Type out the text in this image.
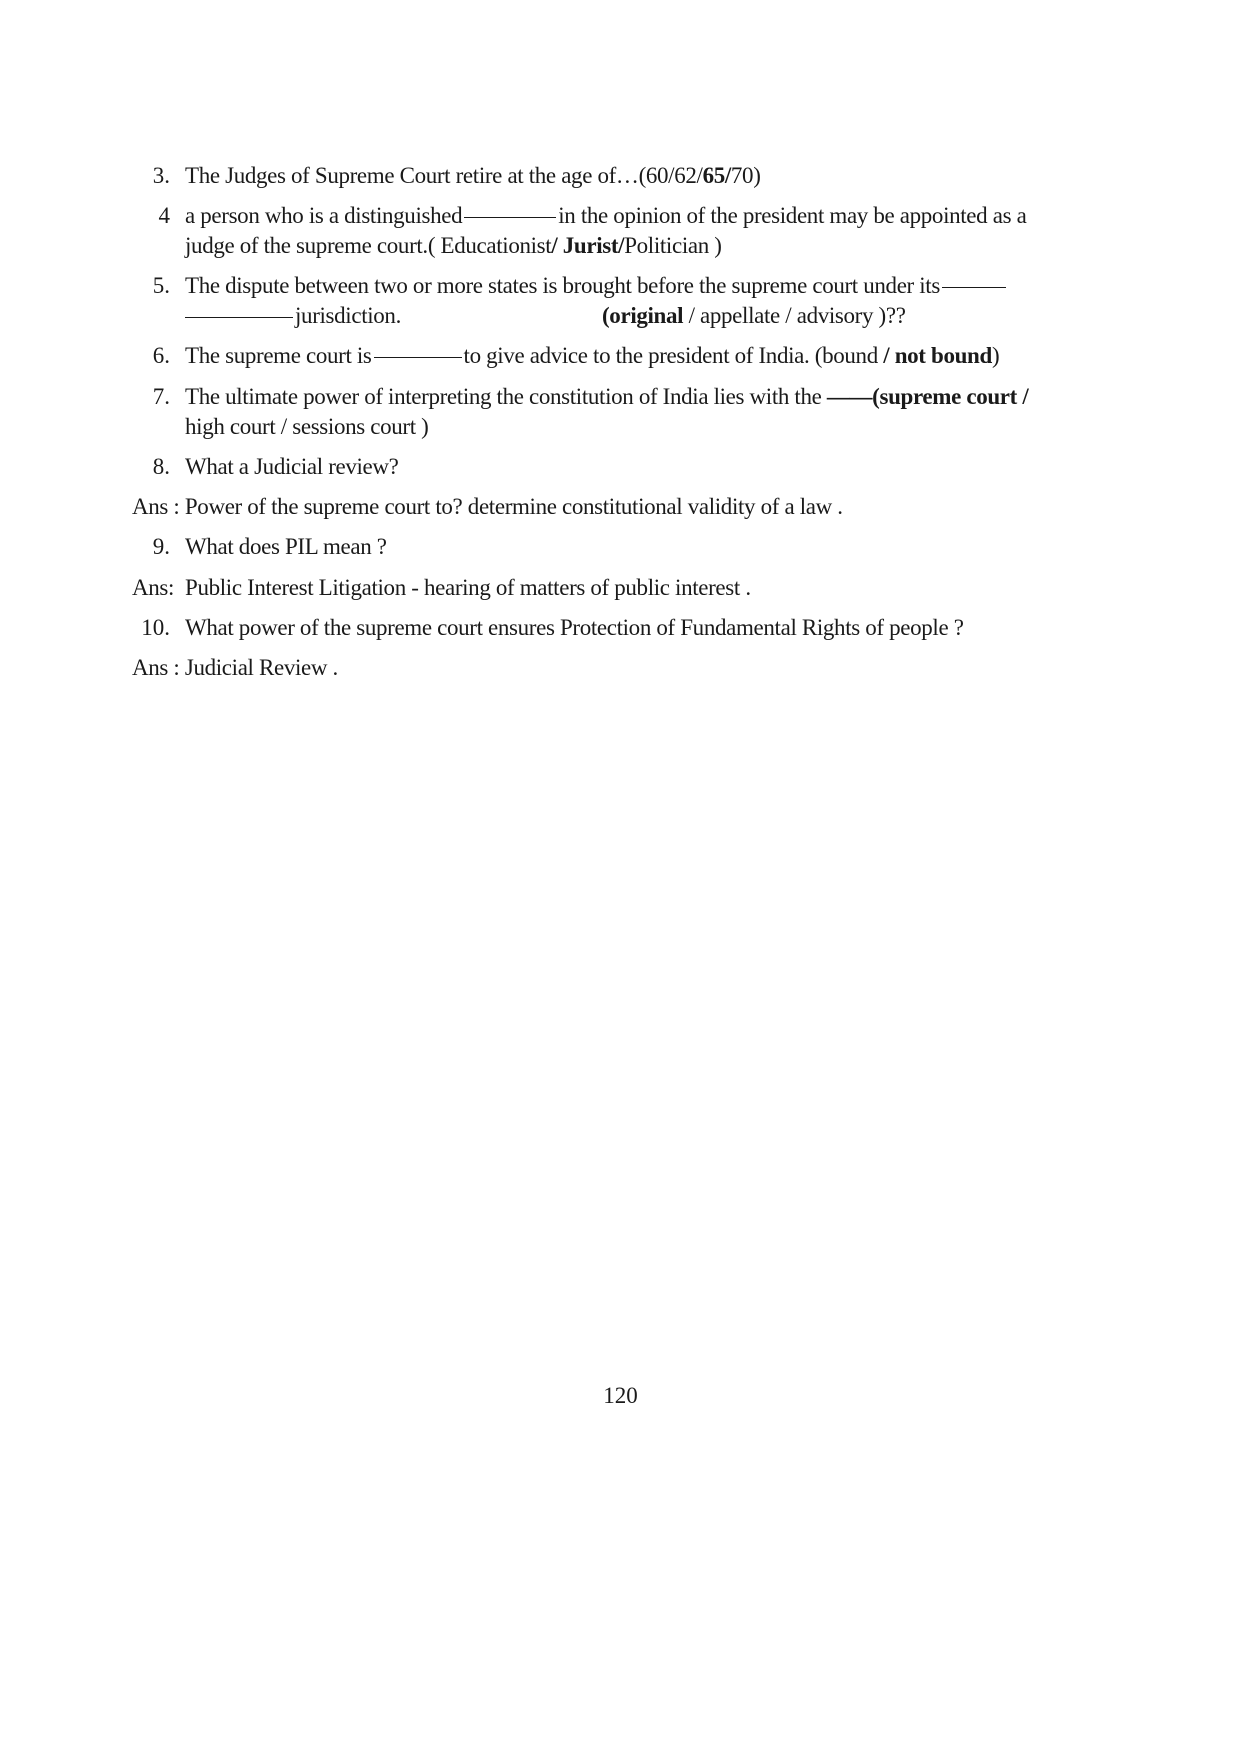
3. The Judges of Supreme Court retire at the age of…(60/62/65/70)
4 a person who is a distinguished	in the opinion of the president may be appointed as a
judge of the supreme court.( Educationist/ Jurist/Politician )
5. The dispute between two or more states is brought before the supreme court under its
jurisdiction.	(original / appellate / advisory )??
6. The supreme court is	to give advice to the president of India. (bound / not bound)
7. The ultimate power of interpreting the constitution of India lies with the ——(supreme court /
high court / sessions court )
8. What a Judicial review?
Ans : Power of the supreme court to? determine constitutional validity of a law .
9. What does PIL mean ?
Ans: Public Interest Litigation - hearing of matters of public interest .
10. What power of the supreme court ensures Protection of Fundamental Rights of people ?
Ans : Judicial Review .
120
